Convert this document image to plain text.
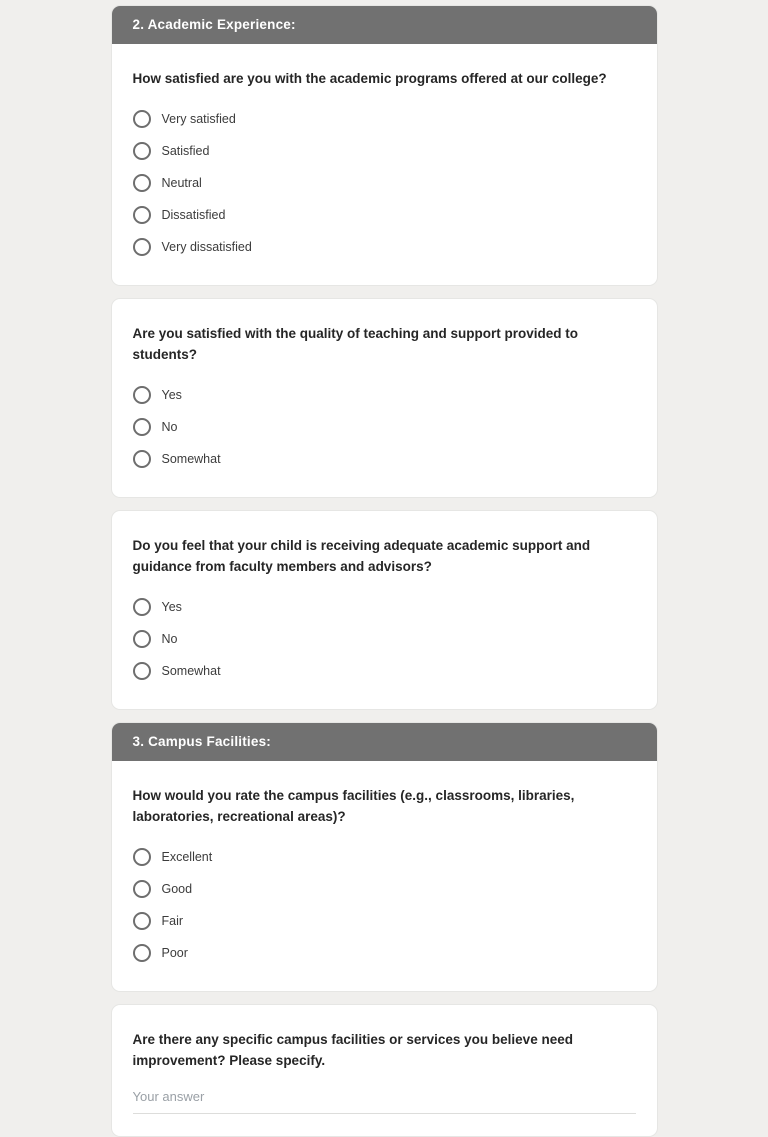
2. Academic Experience:

How satisfied are you with the academic programs offered at our college?

Very satisfied
Satisfied
Neutral
Dissatisfied
Very dissatisfied

Are you satisfied with the quality of teaching and support provided to students?

Yes
No
Somewhat

Do you feel that your child is receiving adequate academic support and guidance from faculty members and advisors?

Yes
No
Somewhat
3. Campus Facilities:

How would you rate the campus facilities (e.g., classrooms, libraries, laboratories, recreational areas)?

Excellent
Good
Fair
Poor

Are there any specific campus facilities or services you believe need improvement? Please specify.

Your answer
